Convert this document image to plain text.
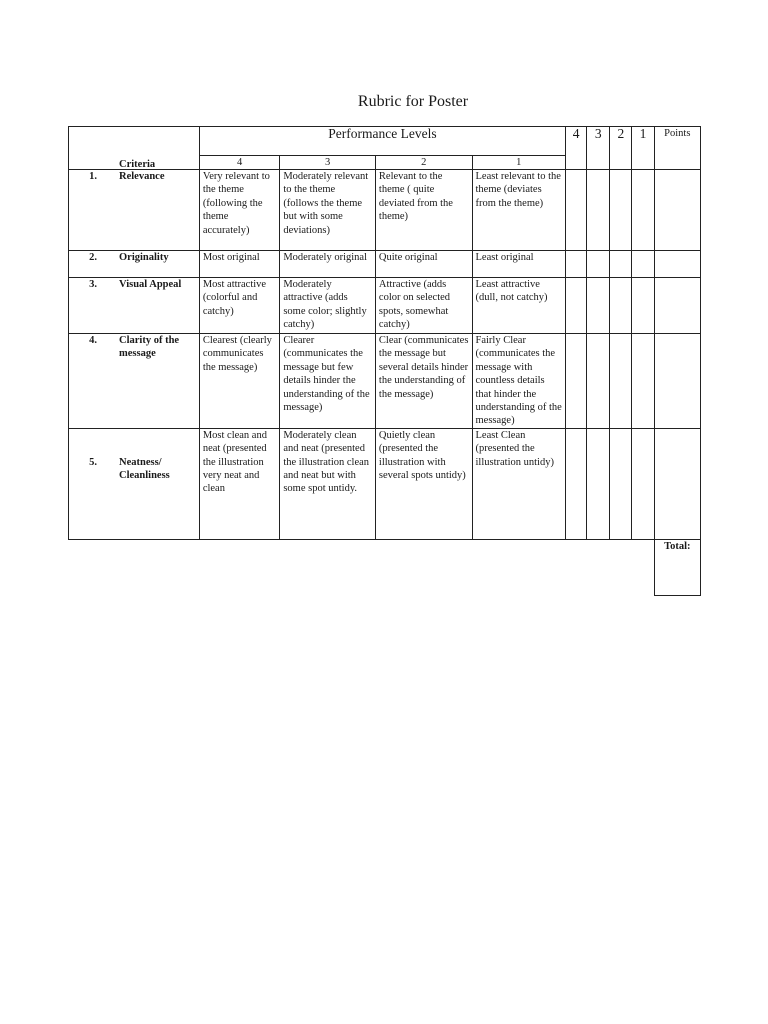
Rubric for Poster
	Performance Levels				4	3	2	1	Points
	4	3	2	1					

Criteria
1. Relevance	Very relevant to the theme (following the theme accurately)	Moderately relevant to the theme (follows the theme but with some deviations)	Relevant to the theme ( quite deviated from the theme)	Least relevant to the theme (deviates from the theme)					
2. Originality	Most original	Moderately original	Quite original	Least original					
3. Visual Appeal	Most attractive (colorful and catchy)	Moderately attractive (adds some color; slightly catchy)	Attractive (adds color on selected spots, somewhat catchy)	Least attractive (dull, not catchy)					
4. Clarity of the message	Clearest (clearly communicates the message)	Clearer (communicates the message but few details hinder the understanding of the message)	Clear (communicates the message but several details hinder the understanding of the message)	Fairly Clear (communicates the message with countless details that hinder the understanding of the message)					

5. Neatness/ Cleanliness	Most clean and neat (presented the illustration very neat and clean	Moderately clean and neat (presented the illustration clean and neat but with some spot untidy.	Quietly clean (presented the illustration with several spots untidy)	Least Clean (presented the illustration untidy)					
									Total:
